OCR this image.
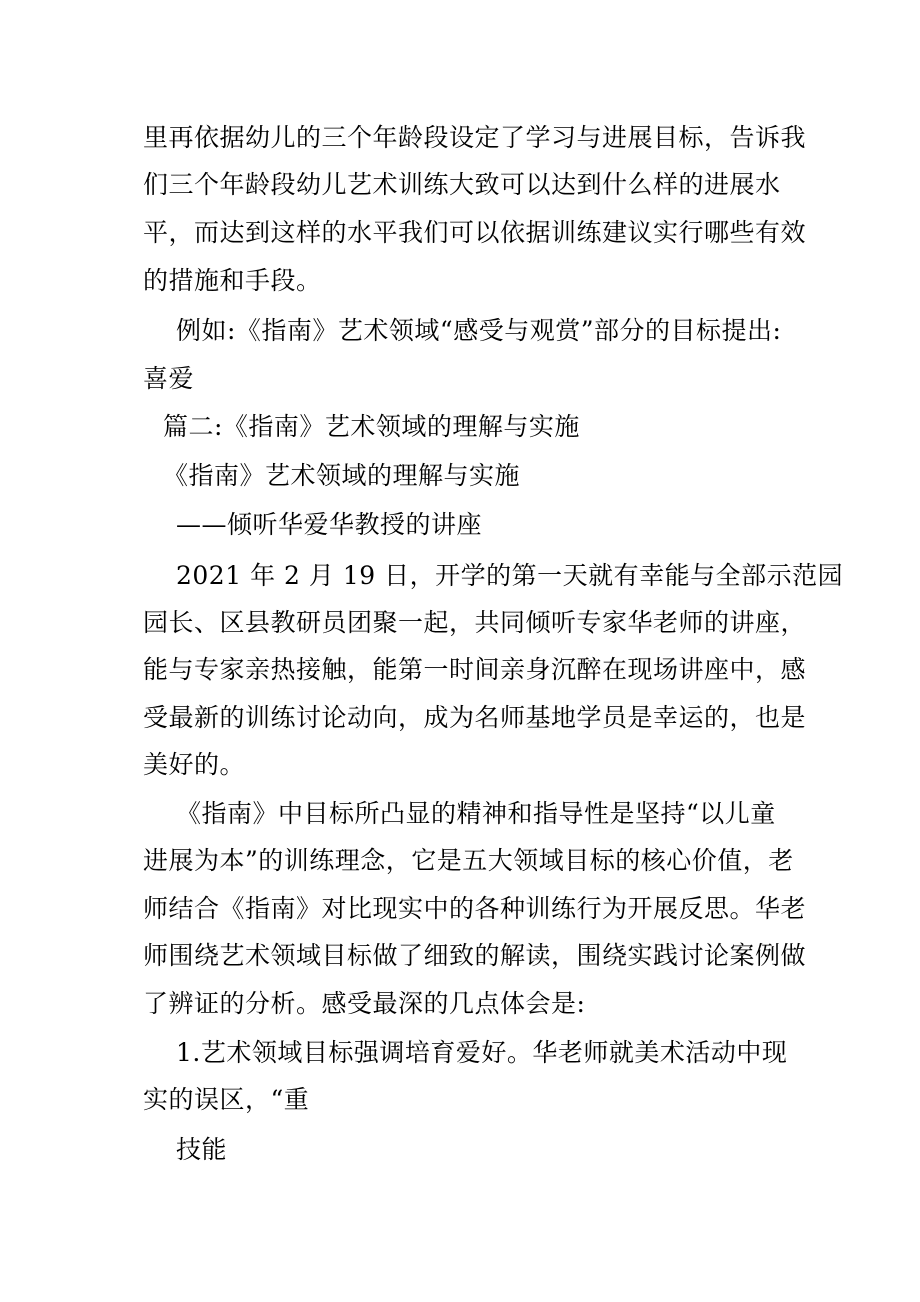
里再依据幼儿的三个年龄段设定了学习与进展目标，告诉我
们三个年龄段幼儿艺术训练大致可以达到什么样的进展水
平，而达到这样的水平我们可以依据训练建议实行哪些有效
的措施和手段。
例如:《指南》艺术领域“感受与观赏”部分的目标提出:
喜爱
篇二:《指南》艺术领域的理解与实施
《指南》艺术领域的理解与实施
——倾听华爱华教授的讲座
2021 年 2 月 19 日，开学的第一天就有幸能与全部示范园
园长、区县教研员团聚一起，共同倾听专家华老师的讲座，
能与专家亲热接触，能第一时间亲身沉醉在现场讲座中，感
受最新的训练讨论动向，成为名师基地学员是幸运的，也是
美好的。
《指南》中目标所凸显的精神和指导性是坚持“以儿童
进展为本”的训练理念，它是五大领域目标的核心价值，老
师结合《指南》对比现实中的各种训练行为开展反思。华老
师围绕艺术领域目标做了细致的解读，围绕实践讨论案例做
了辨证的分析。感受最深的几点体会是:
1.艺术领域目标强调培育爱好。华老师就美术活动中现
实的误区，“重
技能
